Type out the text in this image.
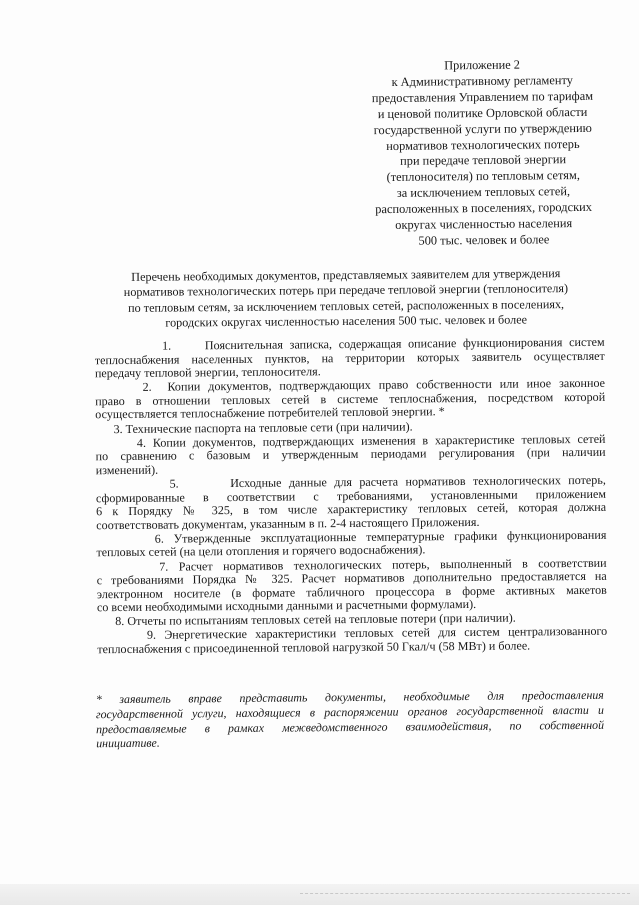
Приложение 2
к Административному регламенту
предоставления Управлением по тарифам
и ценовой политике Орловской области
государственной услуги по утверждению
нормативов технологических потерь
при передаче тепловой энергии
(теплоносителя) по тепловым сетям,
за исключением тепловых сетей,
расположенных в поселениях, городских
округах численностью населения
500 тыс. человек и более
Перечень необходимых документов, представляемых заявителем для утверждения
нормативов технологических потерь при передаче тепловой энергии (теплоносителя)
по тепловым сетям, за исключением тепловых сетей, расположенных в поселениях,
городских округах численностью населения 500 тыс. человек и более
1.     Пояснительная записка, содержащая описание функционирования систем
теплоснабжения населенных пунктов, на территории которых заявитель осуществляет
передачу тепловой энергии, теплоносителя.
2.  Копии документов, подтверждающих право собственности или иное законное
право в отношении тепловых сетей в системе теплоснабжения, посредством которой
осуществляется теплоснабжение потребителей тепловой энергии. *
3. Технические паспорта на тепловые сети (при наличии).
4. Копии документов, подтверждающих изменения в характеристике тепловых сетей
по сравнению с базовым и утвержденным периодами регулирования (при наличии
изменений).
5.       Исходные данные для расчета нормативов технологических потерь,
сформированные в соответствии с требованиями, установленными приложением
6 к Порядку № 325, в том числе характеристику тепловых сетей, которая должна
соответствовать документам, указанным в п. 2-4 настоящего Приложения.
6. Утвержденные эксплуатационные температурные графики функционирования
тепловых сетей (на цели отопления и горячего водоснабжения).
7. Расчет нормативов технологических потерь, выполненный в соответствии
с требованиями Порядка № 325. Расчет нормативов дополнительно предоставляется на
электронном носителе (в формате табличного процессора в форме активных макетов
со всеми необходимыми исходными данными и расчетными формулами).
8. Отчеты по испытаниям тепловых сетей на тепловые потери (при наличии).
9. Энергетические характеристики тепловых сетей для систем централизованного
теплоснабжения с присоединенной тепловой нагрузкой 50 Гкал/ч (58 МВт) и более.
* заявитель вправе представить документы, необходимые для предоставления
государственной услуги, находящиеся в распоряжении органов государственной власти и
предоставляемые в рамках межведомственного взаимодействия, по собственной
инициативе.
